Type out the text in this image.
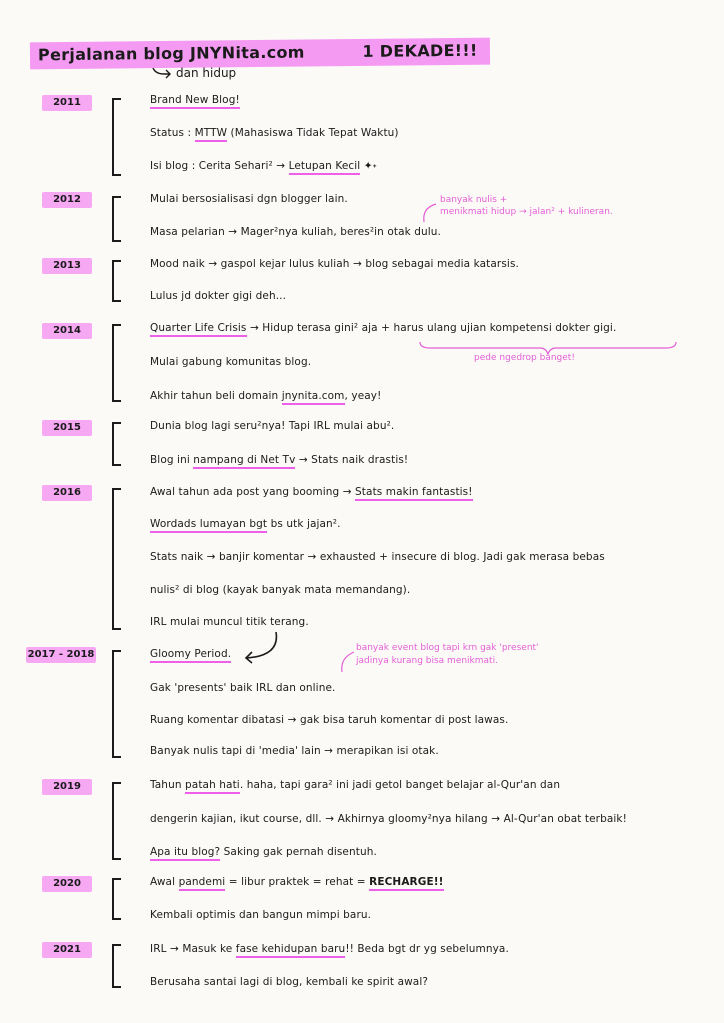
Perjalanan blog JNYNita.com	1 DEKADE!!!
dan hidup
2011	Brand New Blog!
Status : MTTW (Mahasiswa Tidak Tepat Waktu)
Isi blog : Cerita Sehari² → Letupan Kecil ✦˖
2012	Mulai bersosialisasi dgn blogger lain.
Masa pelarian → Mager²nya kuliah, beres²in otak dulu.
banyak nulis +
menikmati hidup → jalan² + kulineran.
2013	Mood naik → gaspol kejar lulus kuliah → blog sebagai media katarsis.
Lulus jd dokter gigi deh...
2014	Quarter Life Crisis → Hidup terasa gini² aja + harus ulang ujian kompetensi dokter gigi.
pede ngedrop banget!
Mulai gabung komunitas blog.
Akhir tahun beli domain jnynita.com, yeay!
2015	Dunia blog lagi seru²nya! Tapi IRL mulai abu².
Blog ini nampang di Net Tv → Stats naik drastis!
2016	Awal tahun ada post yang booming → Stats makin fantastis!
Wordads lumayan bgt bs utk jajan².
Stats naik → banjir komentar → exhausted + insecure di blog. Jadi gak merasa bebas
nulis² di blog (kayak banyak mata memandang).
IRL mulai muncul titik terang.
2017 - 2018	Gloomy Period.	banyak event blog tapi krn gak 'present'
jadinya kurang bisa menikmati.
Gak 'presents' baik IRL dan online.
Ruang komentar dibatasi → gak bisa taruh komentar di post lawas.
Banyak nulis tapi di 'media' lain → merapikan isi otak.
2019	Tahun patah hati. haha, tapi gara² ini jadi getol banget belajar al-Qur'an dan
dengerin kajian, ikut course, dll. → Akhirnya gloomy²nya hilang → Al-Qur'an obat terbaik!
Apa itu blog? Saking gak pernah disentuh.
2020	Awal pandemi = libur praktek = rehat = RECHARGE!!
Kembali optimis dan bangun mimpi baru.
2021	IRL → Masuk ke fase kehidupan baru!! Beda bgt dr yg sebelumnya.
Berusaha santai lagi di blog, kembali ke spirit awal?
